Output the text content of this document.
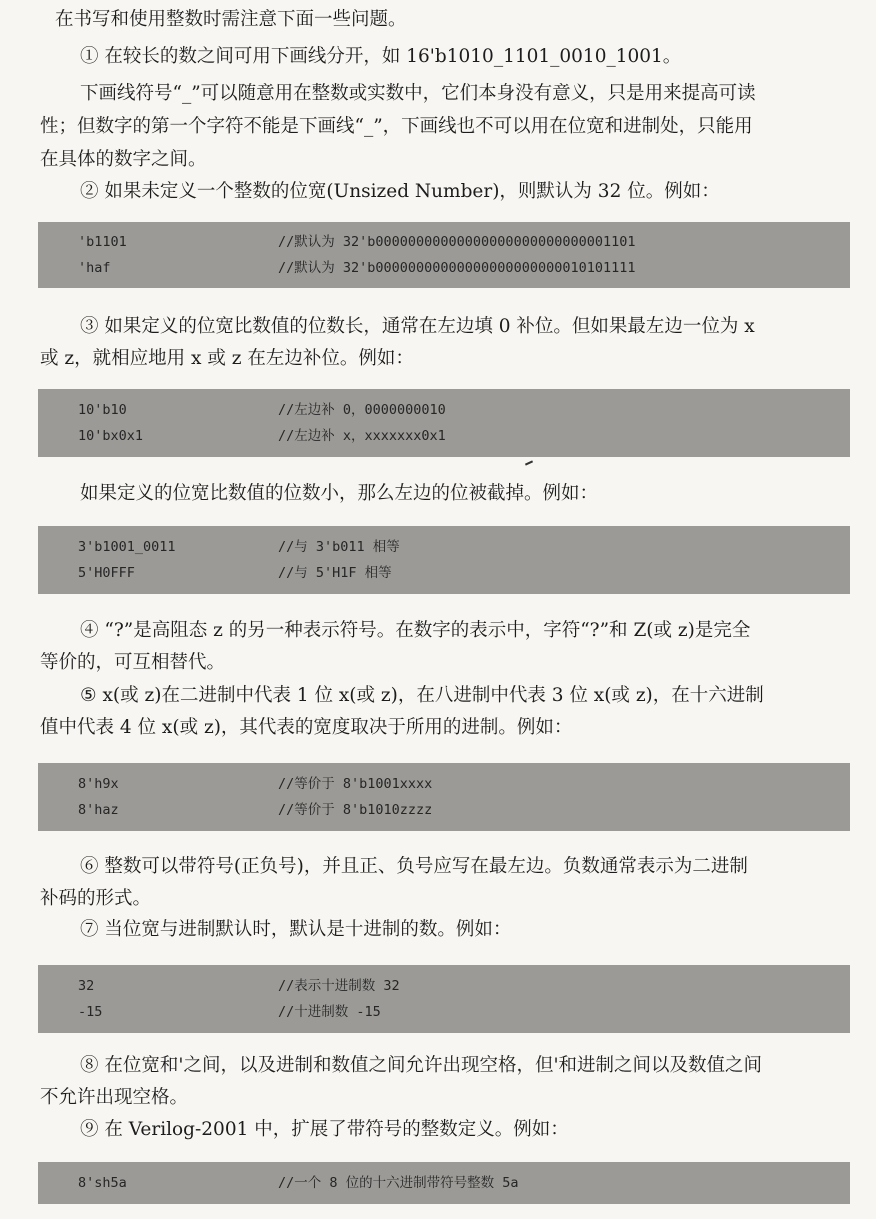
在书写和使用整数时需注意下面一些问题。
① 在较长的数之间可用下画线分开，如 16'b1010_1101_0010_1001。
下画线符号“_”可以随意用在整数或实数中，它们本身没有意义，只是用来提高可读
性；但数字的第一个字符不能是下画线“_”，下画线也不可以用在位宽和进制处，只能用
在具体的数字之间。
② 如果未定义一个整数的位宽(Unsized Number)，则默认为 32 位。例如：
'b1101	//默认为 32'b00000000000000000000000000001101
'haf	//默认为 32'b00000000000000000000000010101111
③ 如果定义的位宽比数值的位数长，通常在左边填 0 补位。但如果最左边一位为 x
或 z，就相应地用 x 或 z 在左边补位。例如：
10'b10	//左边补 0，0000000010
10'bx0x1	//左边补 x，xxxxxxx0x1
如果定义的位宽比数值的位数小，那么左边的位被截掉。例如：
3'b1001_0011	//与 3'b011 相等
5'H0FFF	//与 5'H1F 相等
④ “?”是高阻态 z 的另一种表示符号。在数字的表示中，字符“?”和 Z(或 z)是完全
等价的，可互相替代。
⑤ x(或 z)在二进制中代表 1 位 x(或 z)，在八进制中代表 3 位 x(或 z)，在十六进制
值中代表 4 位 x(或 z)，其代表的宽度取决于所用的进制。例如：
8'h9x	//等价于 8'b1001xxxx
8'haz	//等价于 8'b1010zzzz
⑥ 整数可以带符号(正负号)，并且正、负号应写在最左边。负数通常表示为二进制
补码的形式。
⑦ 当位宽与进制默认时，默认是十进制的数。例如：
32	//表示十进制数 32
-15	//十进制数 -15
⑧ 在位宽和'之间，以及进制和数值之间允许出现空格，但'和进制之间以及数值之间
不允许出现空格。
⑨ 在 Verilog-2001 中，扩展了带符号的整数定义。例如：
8'sh5a	//一个 8 位的十六进制带符号整数 5a
